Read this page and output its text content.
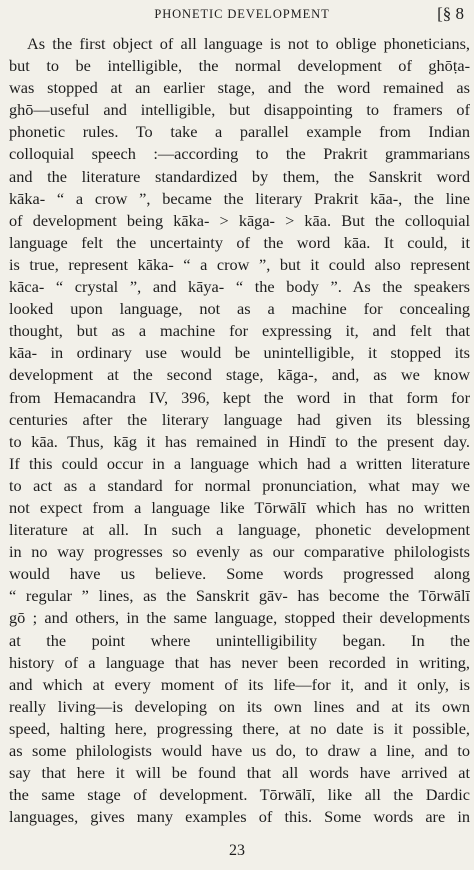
PHONETIC DEVELOPMENT	[§ 8
As the first object of all language is not to oblige phoneticians,
but to be intelligible, the normal development of ghōṭa-
was stopped at an earlier stage, and the word remained as
ghō—useful and intelligible, but disappointing to framers of
phonetic rules. To take a parallel example from Indian
colloquial speech :—according to the Prakrit grammarians
and the literature standardized by them, the Sanskrit word
kāka- “ a crow ”, became the literary Prakrit kāa-, the line
of development being kāka- > kāga- > kāa. But the colloquial
language felt the uncertainty of the word kāa. It could, it
is true, represent kāka- “ a crow ”, but it could also represent
kāca- “ crystal ”, and kāya- “ the body ”. As the speakers
looked upon language, not as a machine for concealing
thought, but as a machine for expressing it, and felt that
kāa- in ordinary use would be unintelligible, it stopped its
development at the second stage, kāga-, and, as we know
from Hemacandra IV, 396, kept the word in that form for
centuries after the literary language had given its blessing
to kāa. Thus, kāg it has remained in Hindī to the present day.
If this could occur in a language which had a written literature
to act as a standard for normal pronunciation, what may we
not expect from a language like Tōrwālī which has no written
literature at all. In such a language, phonetic development
in no way progresses so evenly as our comparative philologists
would have us believe. Some words progressed along
“ regular ” lines, as the Sanskrit gāv- has become the Tōrwālī
gō ; and others, in the same language, stopped their developments
at the point where unintelligibility began. In the
history of a language that has never been recorded in writing,
and which at every moment of its life—for it, and it only, is
really living—is developing on its own lines and at its own
speed, halting here, progressing there, at no date is it possible,
as some philologists would have us do, to draw a line, and to
say that here it will be found that all words have arrived at
the same stage of development. Tōrwālī, like all the Dardic
languages, gives many examples of this. Some words are in
23
